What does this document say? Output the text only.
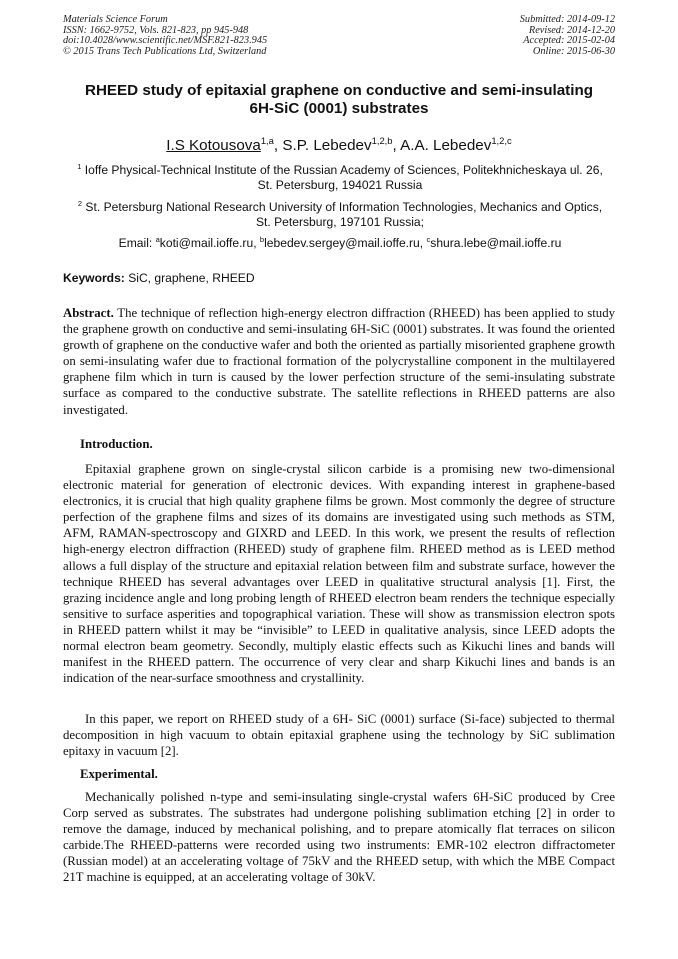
Materials Science Forum
ISSN: 1662-9752, Vols. 821-823, pp 945-948
doi:10.4028/www.scientific.net/MSF.821-823.945
© 2015 Trans Tech Publications Ltd, Switzerland
Submitted: 2014-09-12
Revised: 2014-12-20
Accepted: 2015-02-04
Online: 2015-06-30
RHEED study of epitaxial graphene on conductive and semi-insulating
6H-SiC (0001) substrates
I.S Kotousova$^{1,a}$, S.P. Lebedev$^{1,2,b}$, A.A. Lebedev$^{1,2,c}$
$^1$ Ioffe Physical-Technical Institute of the Russian Academy of Sciences, Politekhnicheskaya ul. 26,
St. Petersburg, 194021 Russia
$^2$ St. Petersburg National Research University of Information Technologies, Mechanics and Optics,
St. Petersburg, 197101 Russia;
Email: $^a$koti@mail.ioffe.ru, $^b$lebedev.sergey@mail.ioffe.ru, $^c$shura.lebe@mail.ioffe.ru
Keywords: SiC, graphene, RHEED
Abstract. The technique of reflection high-energy electron diffraction (RHEED) has been applied to study the graphene growth on conductive and semi-insulating 6H-SiC (0001) substrates. It was found the oriented growth of graphene on the conductive wafer and both the oriented as partially misoriented graphene growth on semi-insulating wafer due to fractional formation of the polycrystalline component in the multilayered graphene film which in turn is caused by the lower perfection structure of the semi-insulating substrate surface as compared to the conductive substrate. The satellite reflections in RHEED patterns are also investigated.
Introduction.
Epitaxial graphene grown on single-crystal silicon carbide is a promising new two-dimensional electronic material for generation of electronic devices. With expanding interest in graphene-based electronics, it is crucial that high quality graphene films be grown. Most commonly the degree of structure perfection of the graphene films and sizes of its domains are investigated using such methods as STM, AFM, RAMAN-spectroscopy and GIXRD and LEED. In this work, we present the results of reflection high-energy electron diffraction (RHEED) study of graphene film. RHEED method as is LEED method allows a full display of the structure and epitaxial relation between film and substrate surface, however the technique RHEED has several advantages over LEED in qualitative structural analysis [1]. First, the grazing incidence angle and long probing length of RHEED electron beam renders the technique especially sensitive to surface asperities and topographical variation. These will show as transmission electron spots in RHEED pattern whilst it may be “invisible” to LEED in qualitative analysis, since LEED adopts the normal electron beam geometry. Secondly, multiply elastic effects such as Kikuchi lines and bands will manifest in the RHEED pattern. The occurrence of very clear and sharp Kikuchi lines and bands is an indication of the near-surface smoothness and crystallinity.
In this paper, we report on RHEED study of a 6H- SiC (0001) surface (Si-face) subjected to thermal decomposition in high vacuum to obtain epitaxial graphene using the technology by SiC sublimation epitaxy in vacuum [2].
Experimental.
Mechanically polished n-type and semi-insulating single-crystal wafers 6H-SiC produced by Cree Corp served as substrates. The substrates had undergone polishing sublimation etching [2] in order to remove the damage, induced by mechanical polishing, and to prepare atomically flat terraces on silicon carbide.The RHEED-patterns were recorded using two instruments: EMR-102 electron diffractometer (Russian model) at an accelerating voltage of 75kV and the RHEED setup, with which the MBE Compact 21T machine is equipped, at an accelerating voltage of 30kV.
